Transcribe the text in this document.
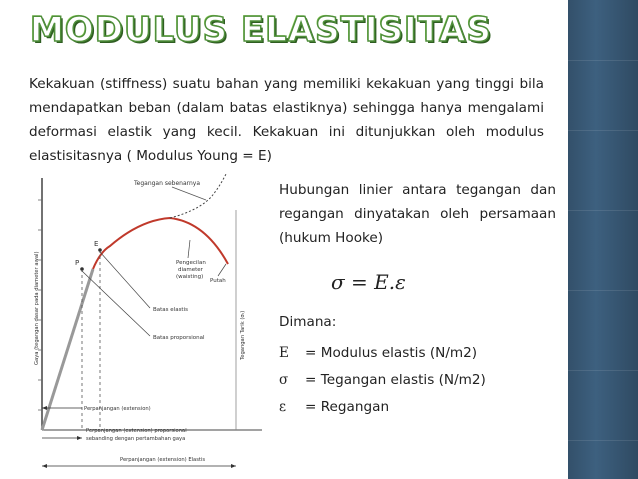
MODULUS ELASTISITAS
Kekakuan (stiffness) suatu bahan yang memiliki kekakuan yang tinggi bila mendapatkan beban (dalam batas elastiknya) sehingga hanya mengalami deformasi elastik yang kecil. Kekakuan ini ditunjukkan oleh modulus elastisitasnya ( Modulus Young = E)
Hubungan linier antara tegangan dan regangan dinyatakan oleh persamaan (hukum Hooke)
σ = E.ε
Dimana:
E = Modulus elastis (N/m2)
σ = Tegangan elastis (N/m2)
ε = Regangan
Tegangan sebenarnya
E
P	Pengecilan diameter (waisting)
Putah
Batas elastis
Batas proporsional
Gaya (tegangan dasar pada diameter awal)	Tegangan Tarik (σₜ)
Perpanjangan (extension)
Perpanjangan (extension) proporsional sebanding dengan pertambahan gaya
Perpanjangan (extension) Elastis
